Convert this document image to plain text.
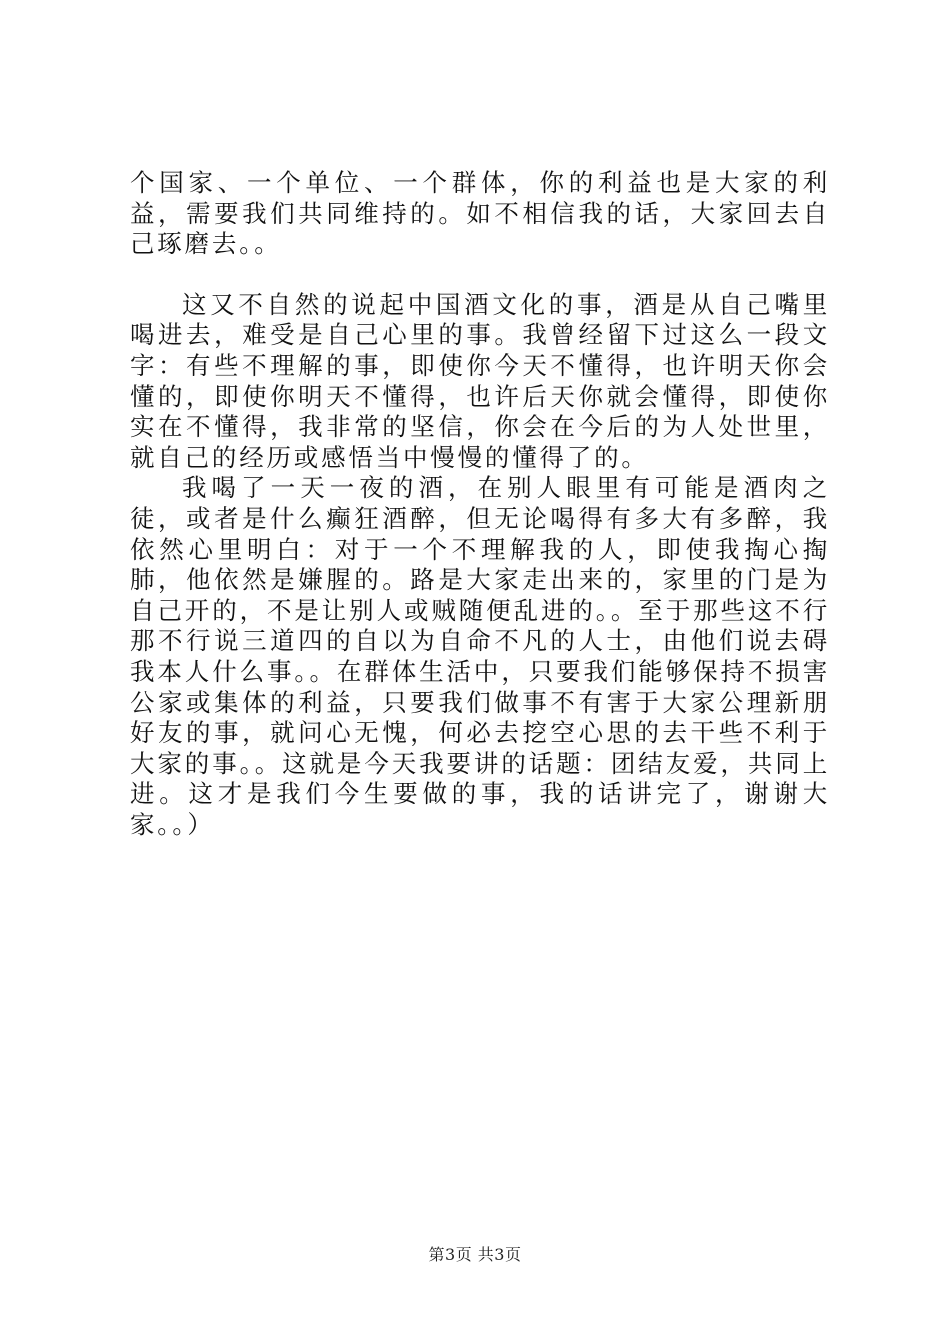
个国家、一个单位、一个群体，你的利益也是大家的利益，需要我们共同维持的。如不相信我的话，大家回去自己琢磨去。。

这又不自然的说起中国酒文化的事，酒是从自己嘴里喝进去，难受是自己心里的事。我曾经留下过这么一段文字：有些不理解的事，即使你今天不懂得，也许明天你会懂的，即使你明天不懂得，也许后天你就会懂得，即使你实在不懂得，我非常的坚信，你会在今后的为人处世里，就自己的经历或感悟当中慢慢的懂得了的。

我喝了一天一夜的酒，在别人眼里有可能是酒肉之徒，或者是什么癫狂酒醉，但无论喝得有多大有多醉，我依然心里明白：对于一个不理解我的人，即使我掏心掏肺，他依然是嫌腥的。路是大家走出来的，家里的门是为自己开的，不是让别人或贼随便乱进的。。至于那些这不行那不行说三道四的自以为自命不凡的人士，由他们说去碍我本人什么事。。在群体生活中，只要我们能够保持不损害公家或集体的利益，只要我们做事不有害于大家公理新朋好友的事，就问心无愧，何必去挖空心思的去干些不利于大家的事。。这就是今天我要讲的话题：团结友爱，共同上进。这才是我们今生要做的事，我的话讲完了，谢谢大家。。）

第3页 共3页
